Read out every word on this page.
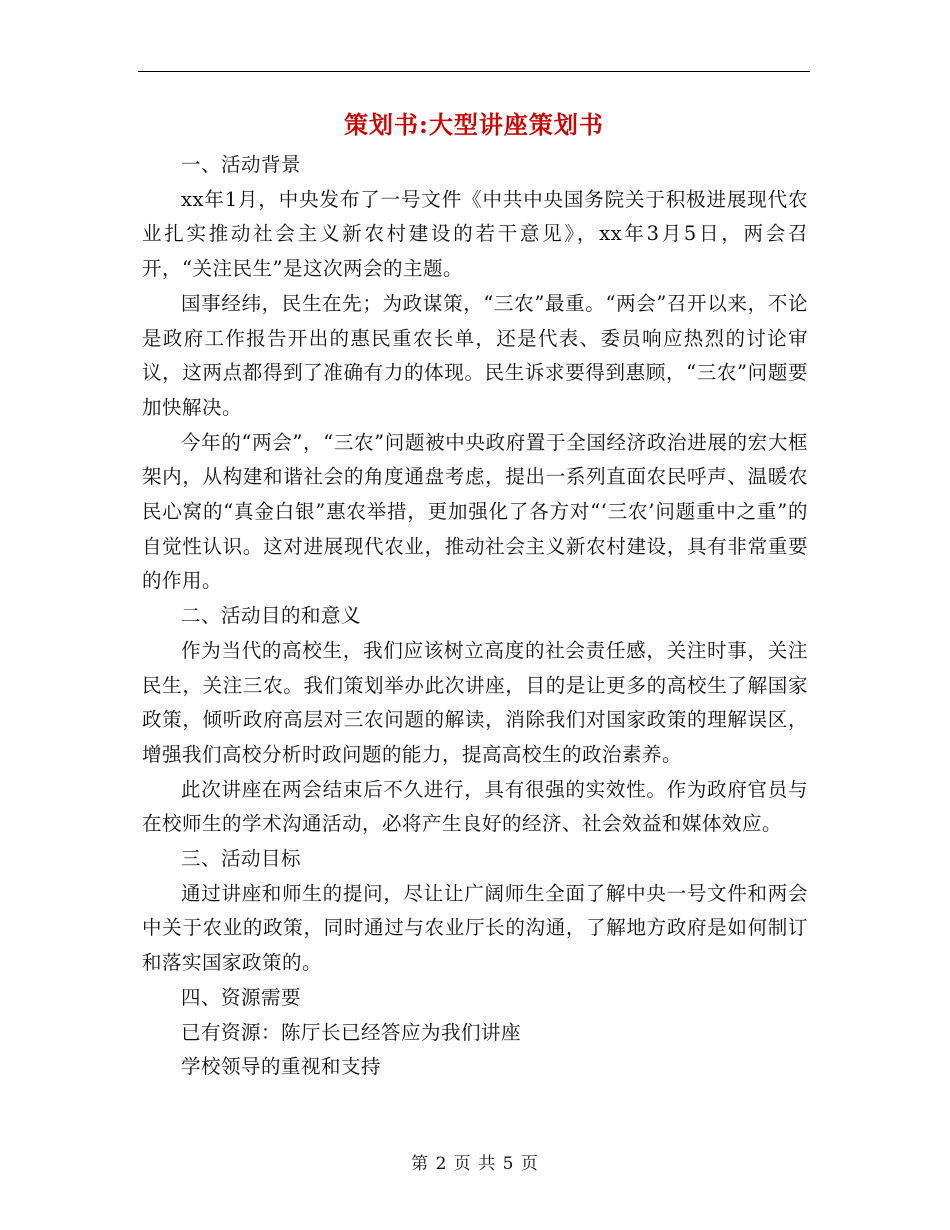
策划书:大型讲座策划书

一、活动背景

xx年1月，中央发布了一号文件《中共中央国务院关于积极进展现代农业扎实推动社会主义新农村建设的若干意见》，xx年3月5日，两会召开，“关注民生”是这次两会的主题。

国事经纬，民生在先；为政谋策，“三农”最重。“两会”召开以来，不论是政府工作报告开出的惠民重农长单，还是代表、委员响应热烈的讨论审议，这两点都得到了准确有力的体现。民生诉求要得到惠顾，“三农”问题要加快解决。

今年的“两会”，“三农”问题被中央政府置于全国经济政治进展的宏大框架内，从构建和谐社会的角度通盘考虑，提出一系列直面农民呼声、温暖农民心窝的“真金白银”惠农举措，更加强化了各方对“‘三农’问题重中之重”的自觉性认识。这对进展现代农业，推动社会主义新农村建设，具有非常重要的作用。

二、活动目的和意义

作为当代的高校生，我们应该树立高度的社会责任感，关注时事，关注民生，关注三农。我们策划举办此次讲座，目的是让更多的高校生了解国家政策，倾听政府高层对三农问题的解读，消除我们对国家政策的理解误区，增强我们高校分析时政问题的能力，提高高校生的政治素养。

此次讲座在两会结束后不久进行，具有很强的实效性。作为政府官员与在校师生的学术沟通活动，必将产生良好的经济、社会效益和媒体效应。

三、活动目标

通过讲座和师生的提问，尽让让广阔师生全面了解中央一号文件和两会中关于农业的政策，同时通过与农业厅长的沟通，了解地方政府是如何制订和落实国家政策的。

四、资源需要

已有资源：陈厅长已经答应为我们讲座

学校领导的重视和支持

第 2 页 共 5 页
